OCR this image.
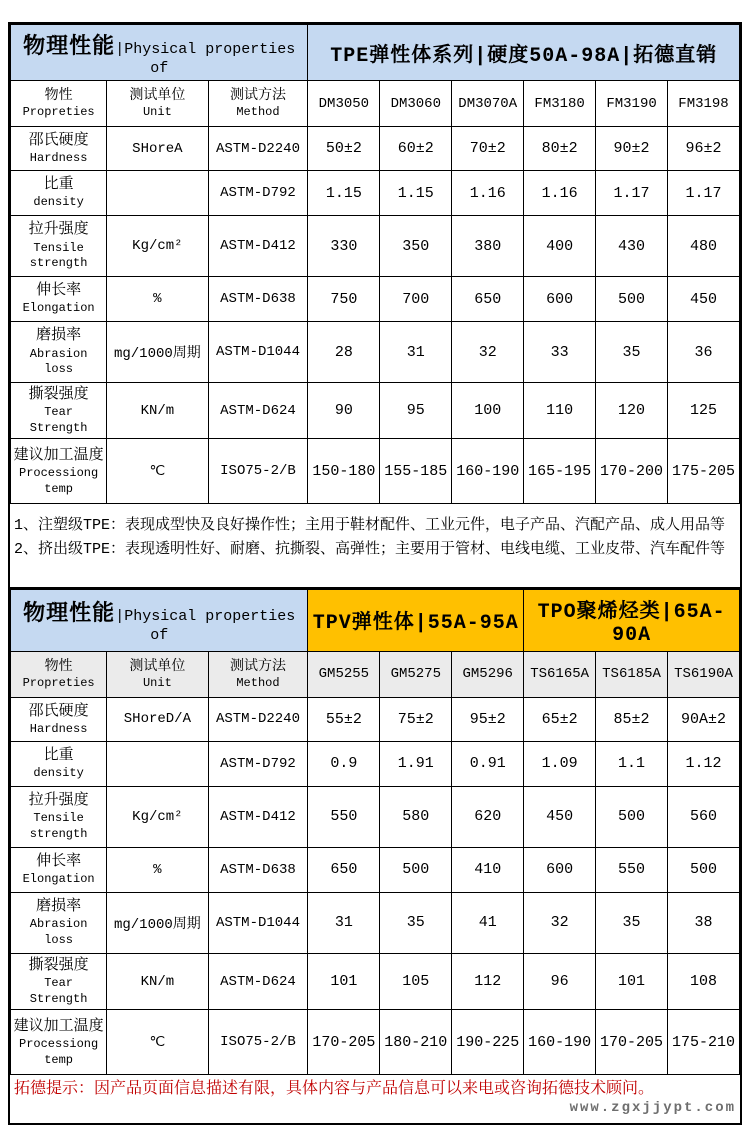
物理性能|Physical properties of			TPE弹性体系列|硬度50A-98A|拓德直销					

物性
Propreties	测试单位
Unit	测试方法
Method	DM3050	DM3060	DM3070A	FM3180	FM3190	FM3198

邵氏硬度
Hardness	SHoreA	ASTM-D2240	50±2	60±2	70±2	80±2	90±2	96±2

比重
density		ASTM-D792	1.15	1.15	1.16	1.16	1.17	1.17

拉升强度
Tensile strength	Kg/cm²	ASTM-D412	330	350	380	400	430	480

伸长率
Elongation	%	ASTM-D638	750	700	650	600	500	450

磨损率
Abrasion loss	mg/1000周期	ASTM-D1044	28	31	32	33	35	36

撕裂强度
Tear Strength	KN/m	ASTM-D624	90	95	100	110	120	125

建议加工温度
Processiong temp	℃	ISO75-2/B	150-180	155-185	160-190	165-195	170-200	175-205

1、注塑级TPE：表现成型快及良好操作性；主用于鞋材配件、工业元件，电子产品、汽配产品、成人用品等

2、挤出级TPE：表现透明性好、耐磨、抗撕裂、高弹性；主要用于管材、电线电缆、工业皮带、汽车配件等

物理性能|Physical properties of			TPV弹性体|55A-95A			TPO聚烯烃类|65A-90A		

物性
Propreties	测试单位
Unit	测试方法
Method	GM5255	GM5275	GM5296	TS6165A	TS6185A	TS6190A

邵氏硬度
Hardness	SHoreD/A	ASTM-D2240	55±2	75±2	95±2	65±2	85±2	90A±2

比重
density		ASTM-D792	0.9	1.91	0.91	1.09	1.1	1.12

拉升强度
Tensile strength	Kg/cm²	ASTM-D412	550	580	620	450	500	560

伸长率
Elongation	%	ASTM-D638	650	500	410	600	550	500

磨损率
Abrasion loss	mg/1000周期	ASTM-D1044	31	35	41	32	35	38

撕裂强度
Tear Strength	KN/m	ASTM-D624	101	105	112	96	101	108

建议加工温度
Processiong temp	℃	ISO75-2/B	170-205	180-210	190-225	160-190	170-205	175-210
拓德提示：因产品页面信息描述有限，具体内容与产品信息可以来电或咨询拓德技术顾问。
www.zgxjjypt.com
